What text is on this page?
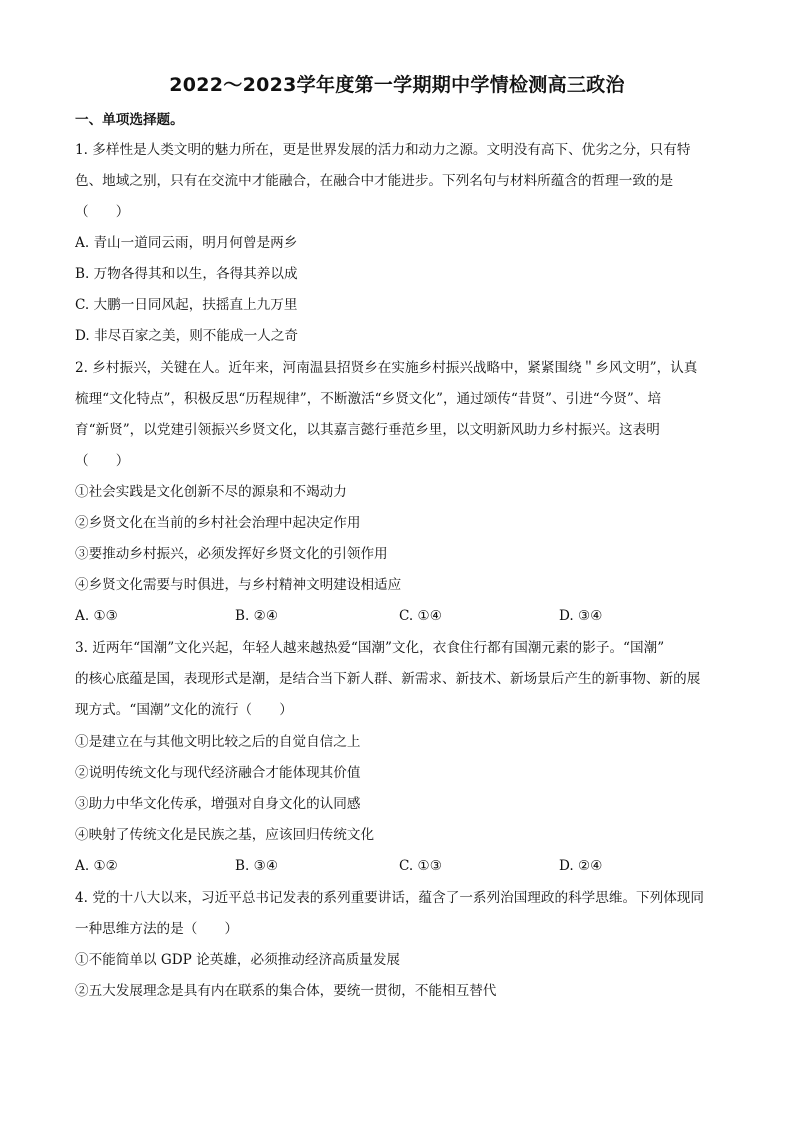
2022～2023学年度第一学期期中学情检测高三政治
一、单项选择题。
1. 多样性是人类文明的魅力所在，更是世界发展的活力和动力之源。文明没有高下、优劣之分，只有特
色、地域之别，只有在交流中才能融合，在融合中才能进步。下列名句与材料所蕴含的哲理一致的是
（　　）
A. 青山一道同云雨，明月何曾是两乡
B. 万物各得其和以生，各得其养以成
C. 大鹏一日同风起，扶摇直上九万里
D. 非尽百家之美，则不能成一人之奇
2. 乡村振兴，关键在人。近年来，河南温县招贤乡在实施乡村振兴战略中，紧紧围绕＂乡风文明”，认真
梳理“文化特点”，积极反思“历程规律”，不断激活“乡贤文化”，通过颂传“昔贤”、引进“今贤”、培
育“新贤”，以党建引领振兴乡贤文化，以其嘉言懿行垂范乡里，以文明新风助力乡村振兴。这表明
（　　）
①社会实践是文化创新不尽的源泉和不竭动力
②乡贤文化在当前的乡村社会治理中起决定作用
③要推动乡村振兴，必须发挥好乡贤文化的引领作用
④乡贤文化需要与时俱进，与乡村精神文明建设相适应
A. ①③	B. ②④	C. ①④	D. ③④
3. 近两年“国潮”文化兴起，年轻人越来越热爱“国潮”文化，衣食住行都有国潮元素的影子。“国潮”
的核心底蕴是国，表现形式是潮，是结合当下新人群、新需求、新技术、新场景后产生的新事物、新的展
现方式。“国潮”文化的流行（　　）
①是建立在与其他文明比较之后的自觉自信之上
②说明传统文化与现代经济融合才能体现其价值
③助力中华文化传承，增强对自身文化的认同感
④映射了传统文化是民族之基，应该回归传统文化
A. ①②	B. ③④	C. ①③	D. ②④
4. 党的十八大以来，习近平总书记发表的系列重要讲话，蕴含了一系列治国理政的科学思维。下列体现同
一种思维方法的是（　　）
①不能简单以 GDP 论英雄，必须推动经济高质量发展
②五大发展理念是具有内在联系的集合体，要统一贯彻，不能相互替代
